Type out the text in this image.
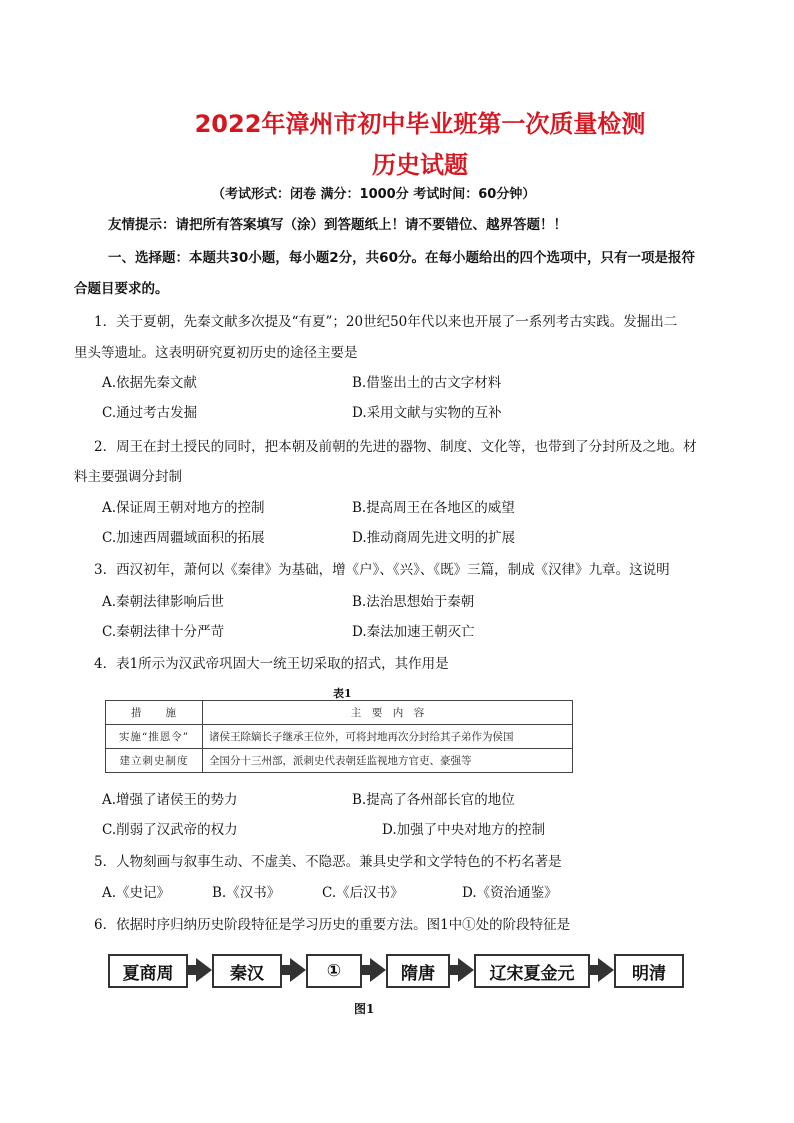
2022年漳州市初中毕业班第一次质量检测
历史试题
（考试形式：闭卷 满分：1000分 考试时间：60分钟）
友情提示：请把所有答案填写（涂）到答题纸上！请不要错位、越界答题！！
一、选择题：本题共30小题，每小题2分，共60分。在每小题给出的四个选项中，只有一项是报符
合题目要求的。
1．关于夏朝，先秦文献多次提及“有夏”；20世纪50年代以来也开展了一系列考古实践。发掘出二
里头等遗址。这表明研究夏初历史的途径主要是
A.依据先秦文献	B.借鉴出土的古文字材料
C.通过考古发掘	D.采用文献与实物的互补
2．周王在封土授民的同时，把本朝及前朝的先进的器物、制度、文化等，也带到了分封所及之地。材
料主要强调分封制
A.保证周王朝对地方的控制	B.提高周王在各地区的威望
C.加速西周疆域面积的拓展	D.推动商周先进文明的扩展
3．西汉初年，萧何以《秦律》为基础，增《户》、《兴》、《既》三篇，制成《汉律》九章。这说明
A.秦朝法律影响后世	B.法治思想始于秦朝
C.秦朝法律十分严苛	D.秦法加速王朝灭亡
4．表1所示为汉武帝巩固大一统王切采取的招式，其作用是
表1
措　　施	主　要　内　容
实施“推恩令”	诸侯王除嫡长子继承王位外，可将封地再次分封给其子弟作为侯国
建立刺史制度	全国分十三州部，派刺史代表朝廷监视地方官吏、豪强等
A.增强了诸侯王的势力	B.提高了各州部长官的地位
C.削弱了汉武帝的权力	D.加强了中央对地方的控制
5．人物刻画与叙事生动、不虚美、不隐恶。兼具史学和文学特色的不朽名著是
A.《史记》	B.《汉书》	C.《后汉书》	D.《资治通鉴》
6．依据时序归纳历史阶段特征是学习历史的重要方法。图1中①处的阶段特征是
夏商周	秦汉	①	隋唐	辽宋夏金元	明清
图1
